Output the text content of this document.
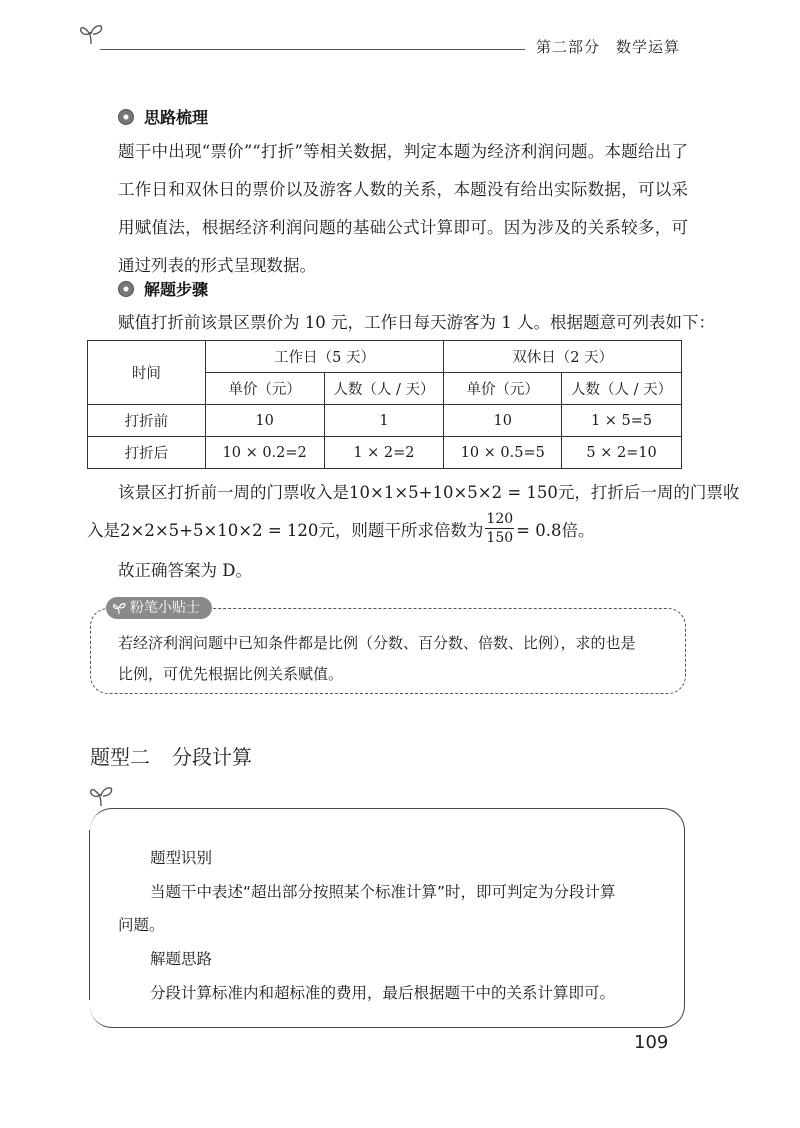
第二部分　数学运算
思路梳理
题干中出现“票价”“打折”等相关数据，判定本题为经济利润问题。本题给出了工作日和双休日的票价以及游客人数的关系，本题没有给出实际数据，可以采用赋值法，根据经济利润问题的基础公式计算即可。因为涉及的关系较多，可通过列表的形式呈现数据。
解题步骤
赋值打折前该景区票价为 10 元，工作日每天游客为 1 人。根据题意可列表如下：
时间	工作日（5 天）		双休日（2 天）	
	单价（元）	人数（人 / 天）	单价（元）	人数（人 / 天）
打折前	10	1	10	1 × 5=5
打折后	10 × 0.2=2	1 × 2=2	10 × 0.5=5	5 × 2=10
该景区打折前一周的门票收入是10×1×5+10×5×2 = 150元，打折后一周的门票收
入是2×2×5+5×10×2 = 120元，则题干所求倍数为 $\frac{120}{150} = 0.8$倍。
故正确答案为 D。
粉笔小贴士
若经济利润问题中已知条件都是比例（分数、百分数、倍数、比例），求的也是
比例，可优先根据比例关系赋值。
题型二 分段计算
题型识别
当题干中表述“超出部分按照某个标准计算”时，即可判定为分段计算
问题。
解题思路
分段计算标准内和超标准的费用，最后根据题干中的关系计算即可。
109
